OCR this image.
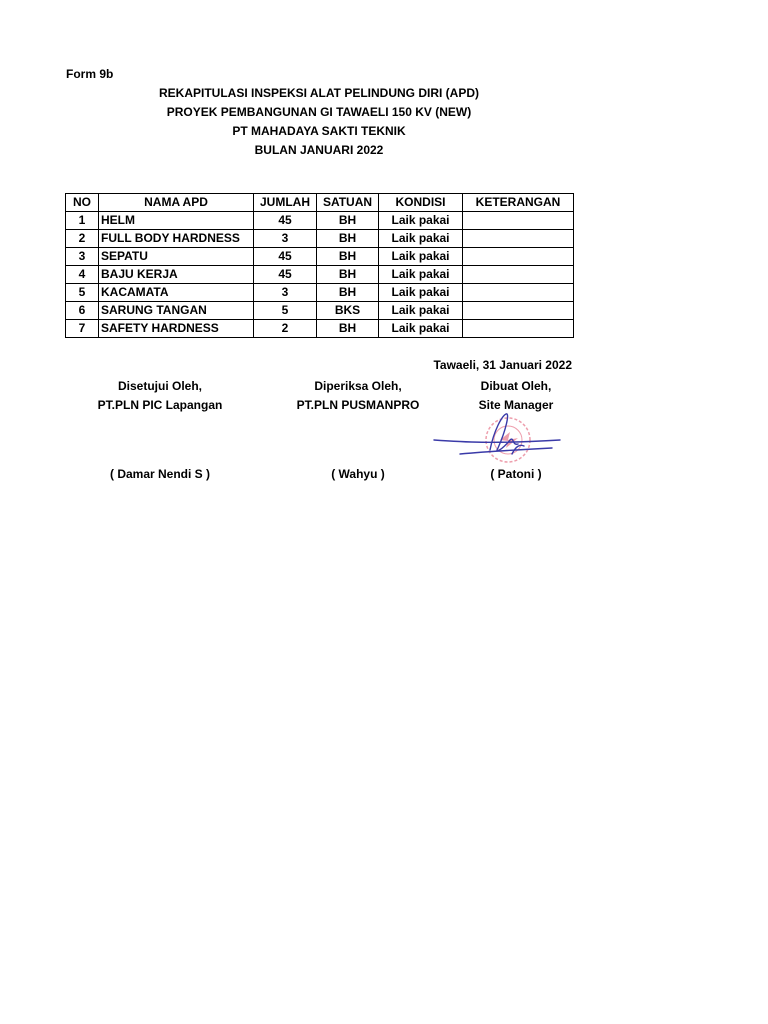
Form 9b
REKAPITULASI INSPEKSI ALAT PELINDUNG DIRI (APD)
PROYEK PEMBANGUNAN GI TAWAELI 150 KV (NEW)
PT MAHADAYA SAKTI TEKNIK
BULAN JANUARI 2022
NO	NAMA APD	JUMLAH	SATUAN	KONDISI	KETERANGAN
1	HELM	45	BH	Laik pakai	
2	FULL BODY HARDNESS	3	BH	Laik pakai	
3	SEPATU	45	BH	Laik pakai	
4	BAJU KERJA	45	BH	Laik pakai	
5	KACAMATA	3	BH	Laik pakai	
6	SARUNG TANGAN	5	BKS	Laik pakai	
7	SAFETY HARDNESS	2	BH	Laik pakai	
Tawaeli, 31 Januari 2022
Disetujui Oleh,
PT.PLN PIC Lapangan
( Damar Nendi S )
Diperiksa Oleh,
PT.PLN PUSMANPRO
( Wahyu )
Dibuat Oleh,
Site Manager
( Patoni )
